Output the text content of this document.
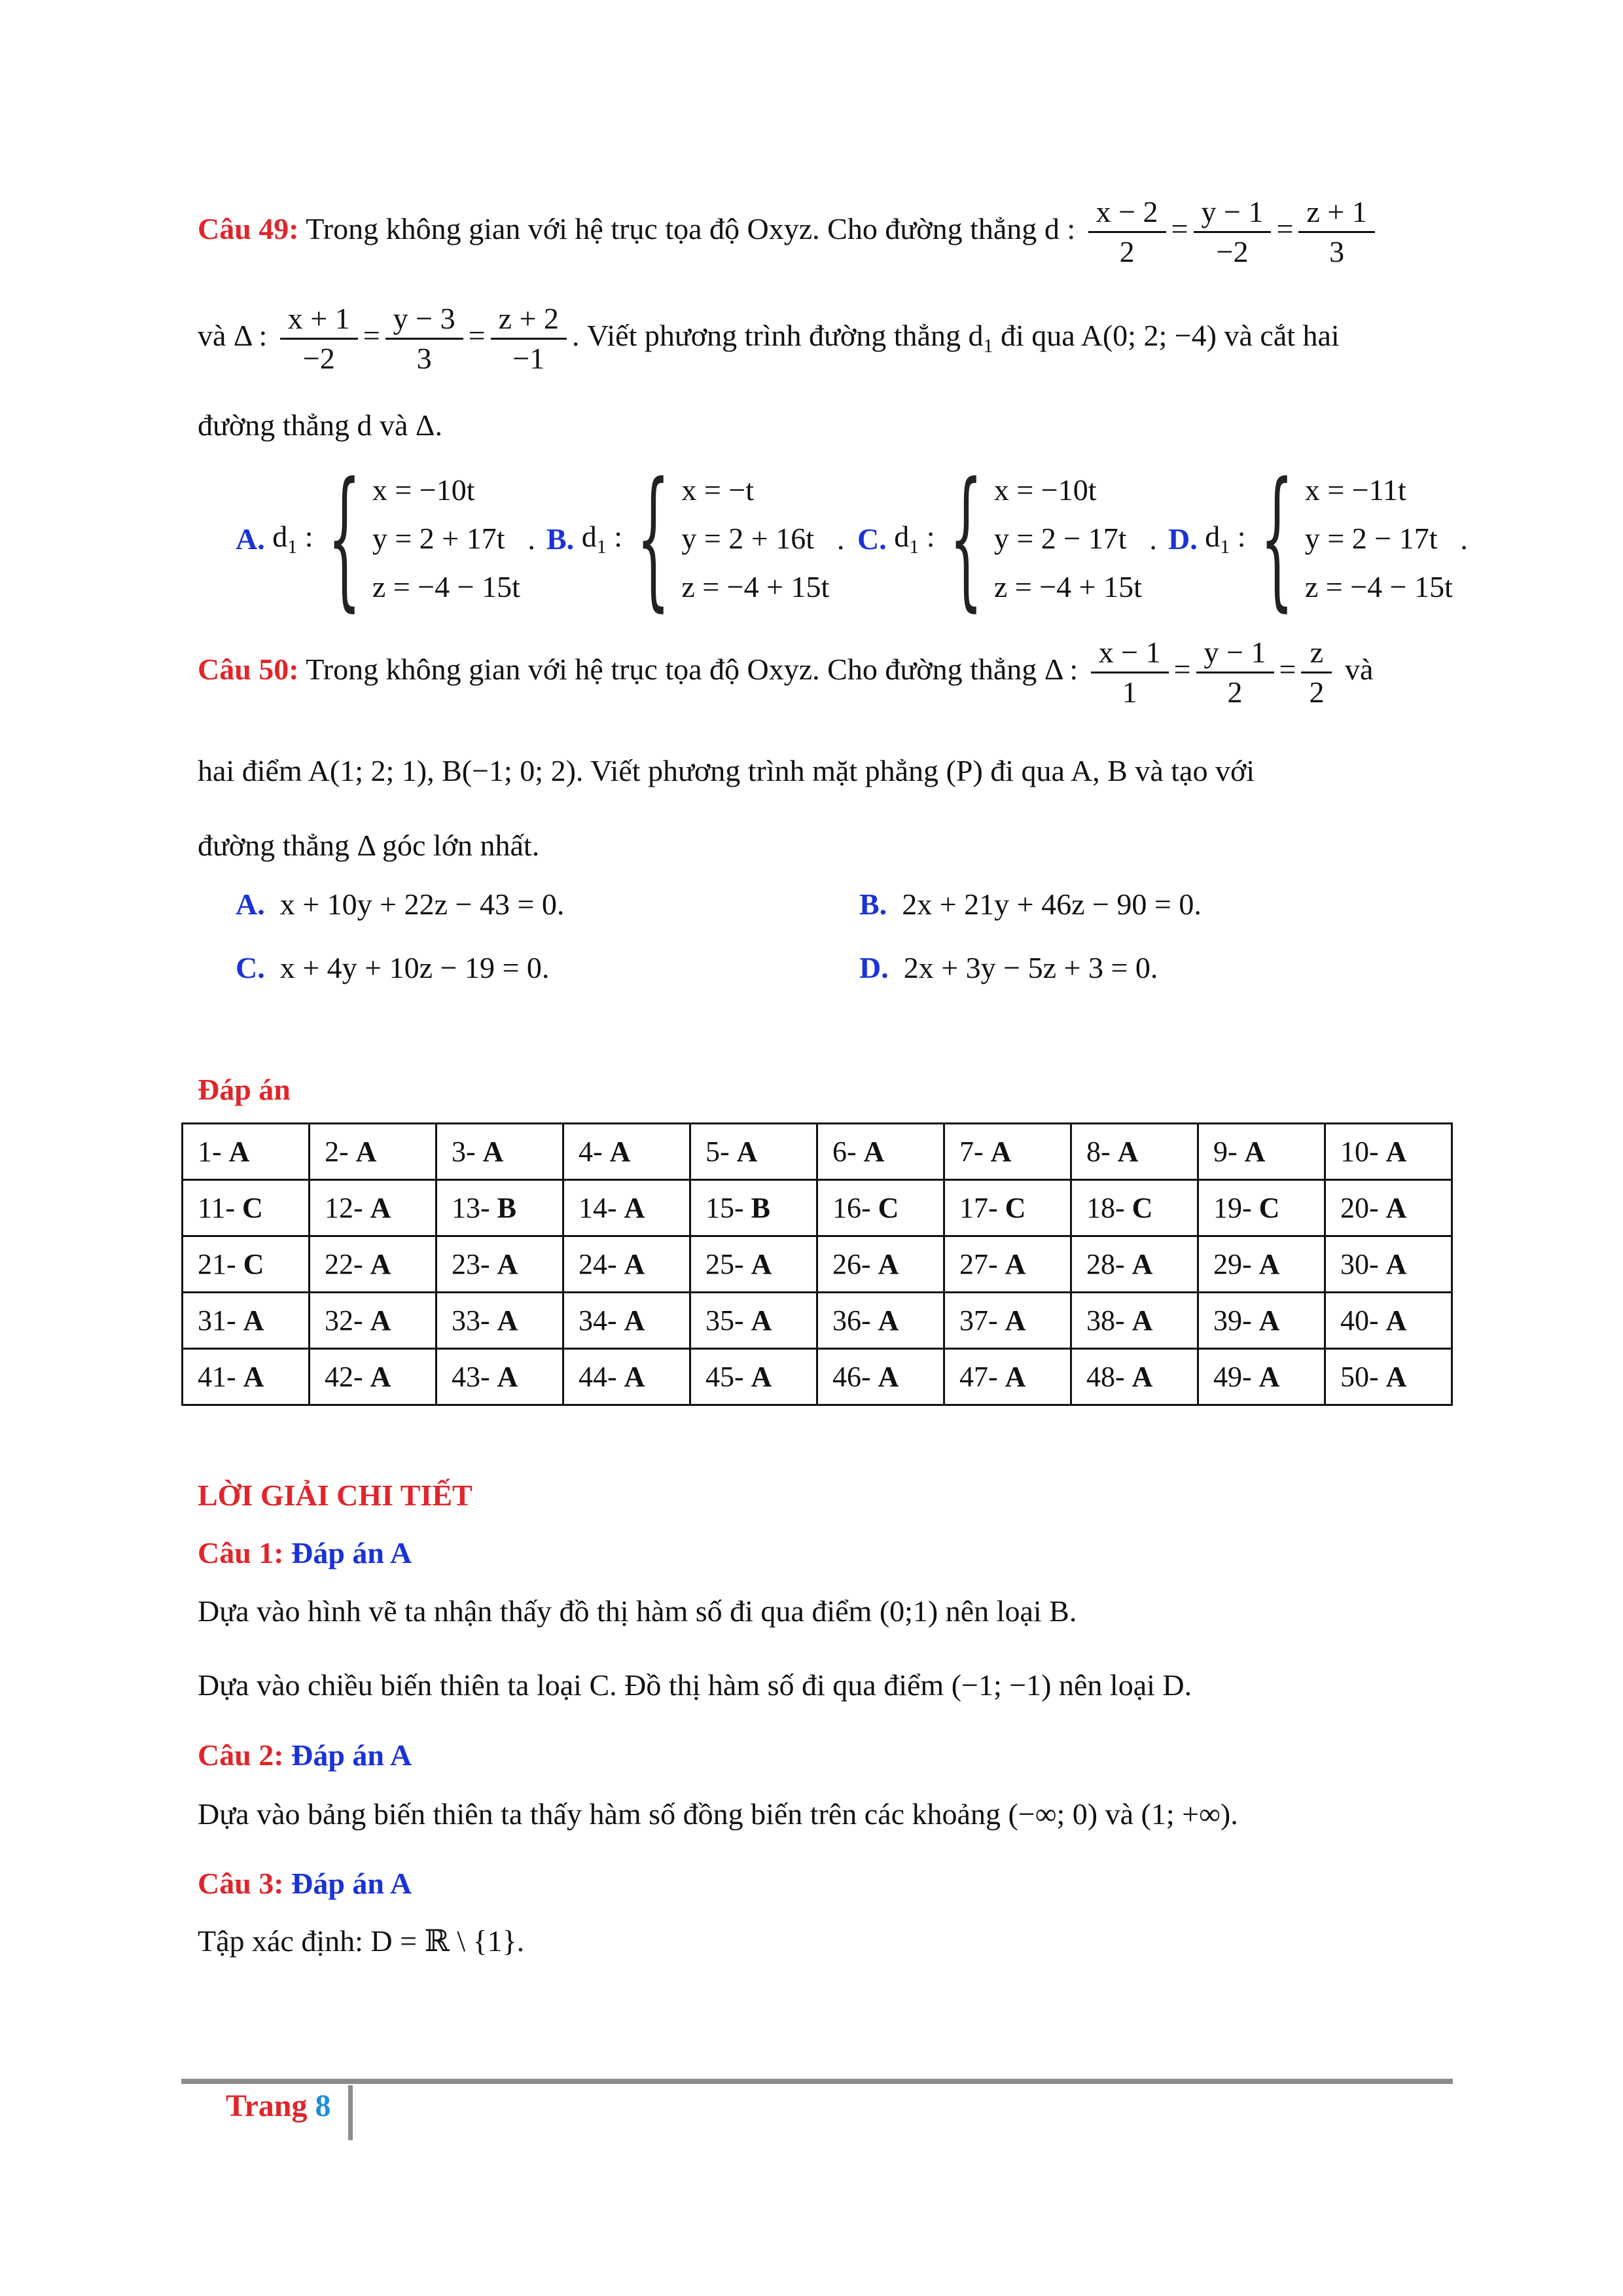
Câu 49: Trong không gian với hệ trục tọa độ Oxyz. Cho đường thẳng d : $\frac{x - 2}{2} = \frac{y - 1}{-2} = \frac{z + 1}{3}$
và Δ : $\frac{x + 1}{-2} = \frac{y - 3}{3} = \frac{z + 2}{-1}$ . Viết phương trình đường thẳng $d_1$ đi qua A(0; 2; −4) và cắt hai
đường thẳng d và Δ.
A.
$d_1$ : { x = −10t
y = 2 + 17t
z = −4 − 15t
. B.
$d_1$ : { x = −t
y = 2 + 16t
z = −4 + 15t
. C.
$d_1$ : { x = −10t
y = 2 − 17t
z = −4 + 15t
. D.
$d_1$ : { x = −11t
y = 2 − 17t
z = −4 − 15t
.
Câu 50: Trong không gian với hệ trục tọa độ Oxyz. Cho đường thẳng Δ : $\frac{x - 1}{1} = \frac{y - 1}{2} = \frac{z}{2}$ và
hai điểm A(1; 2; 1), B(−1; 0; 2). Viết phương trình mặt phẳng (P) đi qua A, B và tạo với
đường thẳng Δ góc lớn nhất.
A.
x + 10y + 22z − 43 = 0.	B.
2x + 21y + 46z − 90 = 0.
C.
x + 4y + 10z − 19 = 0.	D.
2x + 3y − 5z + 3 = 0.
Đáp án
1- A	2- A	3- A	4- A	5- A	6- A	7- A	8- A	9- A	10- A
11- C	12- A	13- B	14- A	15- B	16- C	17- C	18- C	19- C	20- A
21- C	22- A	23- A	24- A	25- A	26- A	27- A	28- A	29- A	30- A
31- A	32- A	33- A	34- A	35- A	36- A	37- A	38- A	39- A	40- A
41- A	42- A	43- A	44- A	45- A	46- A	47- A	48- A	49- A	50- A
LỜI GIẢI CHI TIẾT
Câu 1: Đáp án A
Dựa vào hình vẽ ta nhận thấy đồ thị hàm số đi qua điểm (0;1) nên loại B.
Dựa vào chiều biến thiên ta loại C. Đồ thị hàm số đi qua điểm (−1; −1) nên loại D.
Câu 2: Đáp án A
Dựa vào bảng biến thiên ta thấy hàm số đồng biến trên các khoảng (−∞; 0) và (1; +∞).
Câu 3: Đáp án A
Tập xác định: D = ℝ \ {1}.
Trang 8
